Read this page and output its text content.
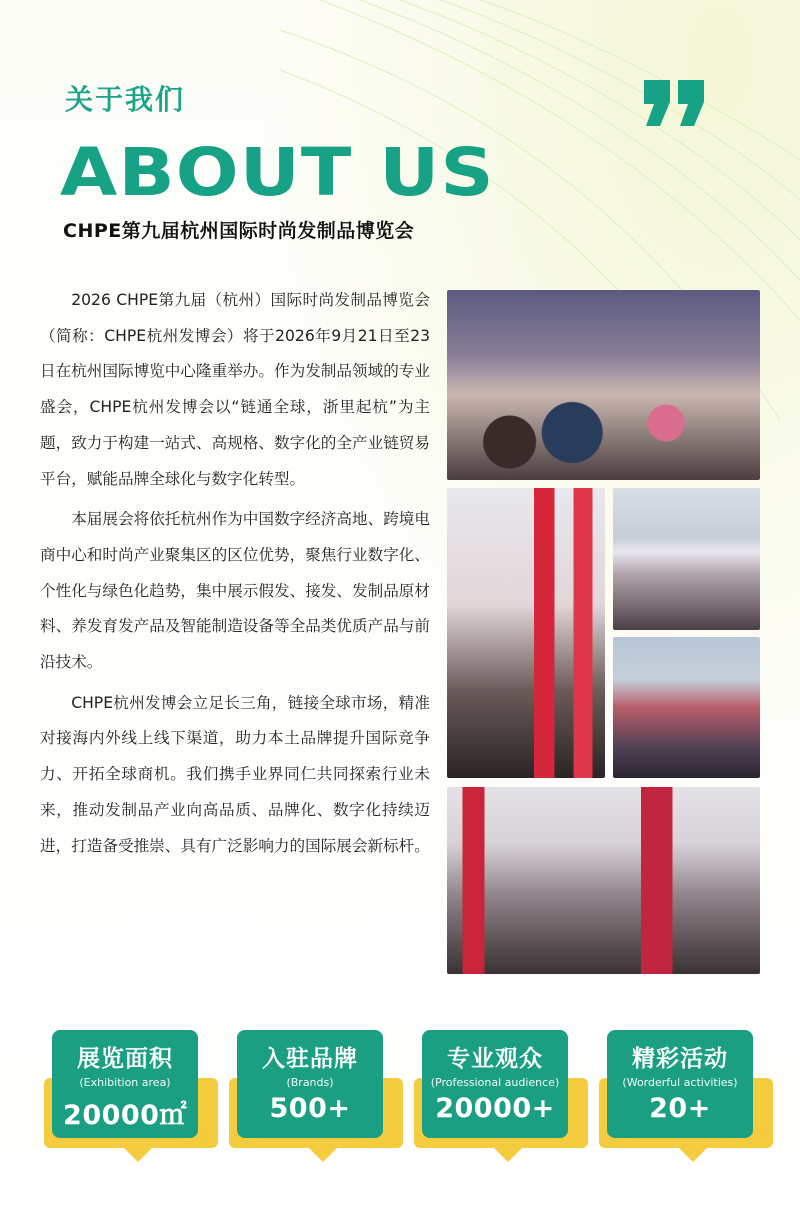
关于我们
ABOUT US
CHPE第九届杭州国际时尚发制品博览会

2026 CHPE第九届（杭州）国际时尚发制品博览会（简称：CHPE杭州发博会）将于2026年9月21日至23日在杭州国际博览中心隆重举办。作为发制品领域的专业盛会，CHPE杭州发博会以“链通全球，浙里起杭”为主题，致力于构建一站式、高规格、数字化的全产业链贸易平台，赋能品牌全球化与数字化转型。

本届展会将依托杭州作为中国数字经济高地、跨境电商中心和时尚产业聚集区的区位优势，聚焦行业数字化、个性化与绿色化趋势，集中展示假发、接发、发制品原材料、养发育发产品及智能制造设备等全品类优质产品与前沿技术。

CHPE杭州发博会立足长三角，链接全球市场，精准对接海内外线上线下渠道，助力本土品牌提升国际竞争力、开拓全球商机。我们携手业界同仁共同探索行业未来，推动发制品产业向高品质、品牌化、数字化持续迈进，打造备受推崇、具有广泛影响力的国际展会新标杆。

展览面积
(Exhibition area)
20000㎡
入驻品牌
(Brands)
500+
专业观众
(Professional audience)
20000+
精彩活动
(Worderful activities)
20+
